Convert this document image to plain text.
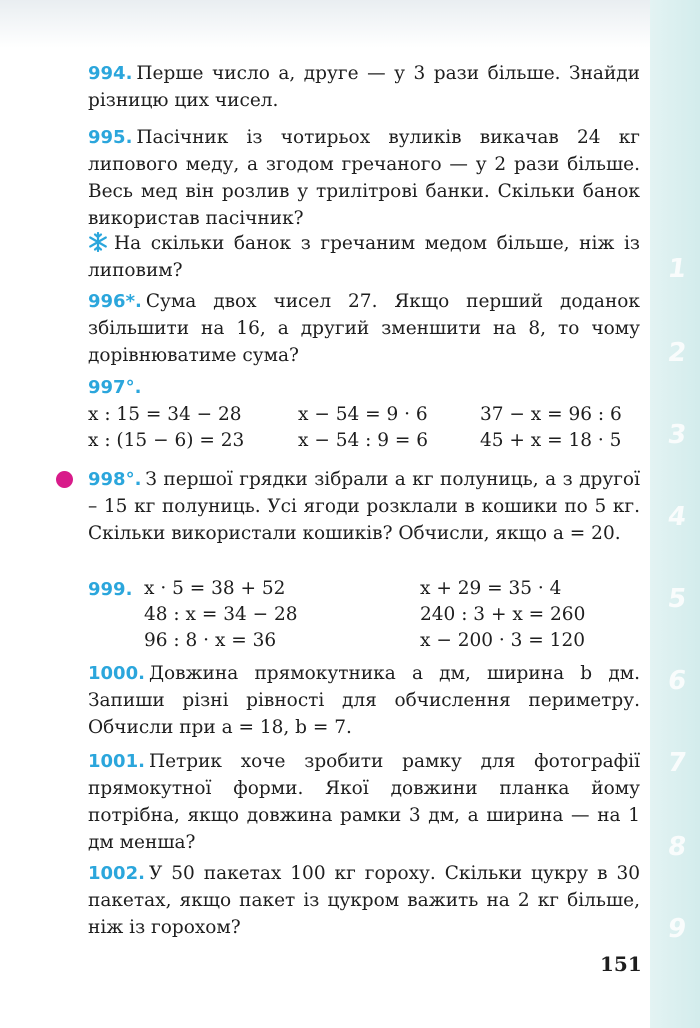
1
2
3
4
5
6
7
8
9
994. Перше число a, друге — у 3 рази більше. Знайди різницю цих чисел.
995. Пасічник із чотирьох вуликів викачав 24 кг липового меду, а згодом гречаного — у 2 рази більше. Весь мед він розлив у трилітрові банки. Скільки банок використав пасічник?
На скільки банок з гречаним медом більше, ніж із липовим?
996*. Сума двох чисел 27. Якщо перший доданок збільшити на 16, а другий зменшити на 8, то чому дорівнюватиме сума?
997°.
x : 15 = 34 − 28	x − 54 = 9 · 6	37 − x = 96 : 6
x : (15 − 6) = 23	x − 54 : 9 = 6	45 + x = 18 · 5
998°. З першої грядки зібрали a кг полуниць, а з другої – 15 кг полуниць. Усі ягоди розклали в кошики по 5 кг. Скільки використали кошиків? Обчисли, якщо a = 20.
999. x · 5 = 38 + 52	x + 29 = 35 · 4
48 : x = 34 − 28	240 : 3 + x = 260
96 : 8 · x = 36	x − 200 · 3 = 120
1000. Довжина прямокутника a дм, ширина b дм. Запиши різні рівності для обчислення периметру. Обчисли при a = 18, b = 7.
1001. Петрик хоче зробити рамку для фотографії прямокутної форми. Якої довжини планка йому потрібна, якщо довжина рамки 3 дм, а ширина — на 1 дм менша?
1002. У 50 пакетах 100 кг гороху. Скільки цукру в 30 пакетах, якщо пакет із цукром важить на 2 кг більше, ніж із горохом?
151
